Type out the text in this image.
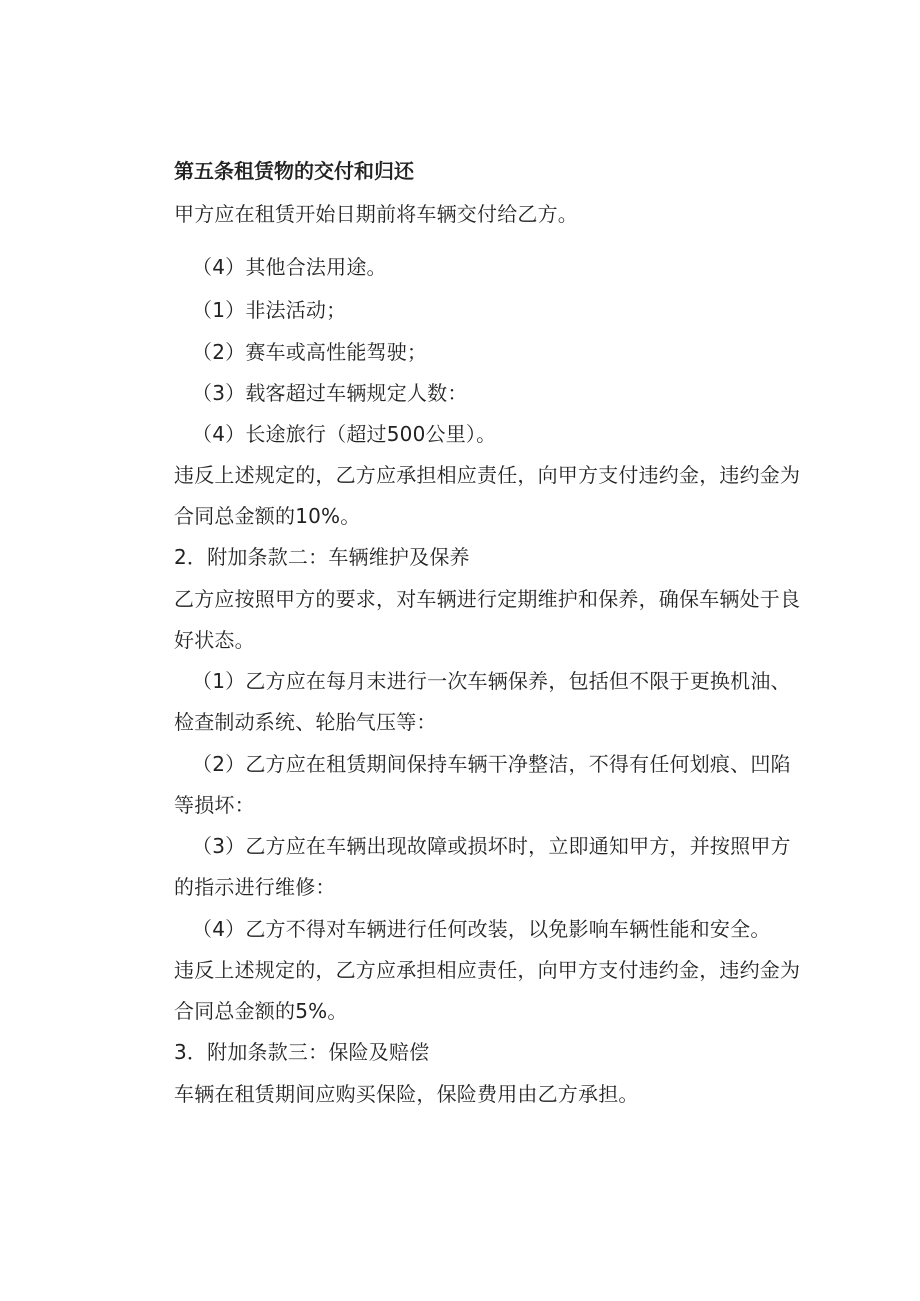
第五条租赁物的交付和归还
甲方应在租赁开始日期前将车辆交付给乙方。
（4）其他合法用途。
（1）非法活动；
（2）赛车或高性能驾驶；
（3）载客超过车辆规定人数：
（4）长途旅行（超过500公里）。
违反上述规定的，乙方应承担相应责任，向甲方支付违约金，违约金为
合同总金额的10%。
2．附加条款二：车辆维护及保养
乙方应按照甲方的要求，对车辆进行定期维护和保养，确保车辆处于良
好状态。
（1）乙方应在每月末进行一次车辆保养，包括但不限于更换机油、
检查制动系统、轮胎气压等：
（2）乙方应在租赁期间保持车辆干净整洁，不得有任何划痕、凹陷
等损坏：
（3）乙方应在车辆出现故障或损坏时，立即通知甲方，并按照甲方
的指示进行维修：
（4）乙方不得对车辆进行任何改装，以免影响车辆性能和安全。
违反上述规定的，乙方应承担相应责任，向甲方支付违约金，违约金为
合同总金额的5%。
3．附加条款三：保险及赔偿
车辆在租赁期间应购买保险，保险费用由乙方承担。
